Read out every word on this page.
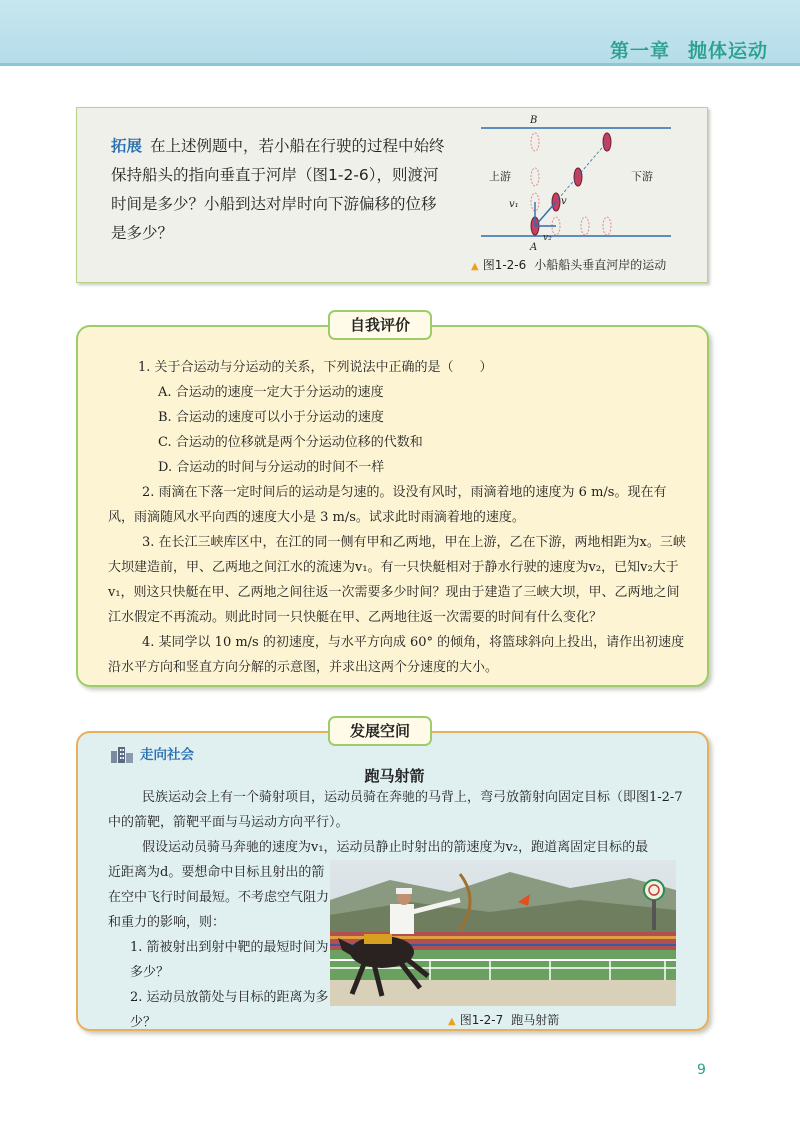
第一章 抛体运动
拓展 在上述例题中，若小船在行驶的过程中始终保持船头的指向垂直于河岸（图1-2-6），则渡河时间是多少？小船到达对岸时向下游偏移的位移是多少？
B
A
上游	下游
v₁	v
v₂
▲ 图1-2-6 小船船头垂直河岸的运动
自我评价

1. 关于合运动与分运动的关系，下列说法中正确的是（　　）

A. 合运动的速度一定大于分运动的速度

B. 合运动的速度可以小于分运动的速度

C. 合运动的位移就是两个分运动位移的代数和

D. 合运动的时间与分运动的时间不一样

2. 雨滴在下落一定时间后的运动是匀速的。设没有风时，雨滴着地的速度为 6 m/s。现在有风，雨滴随风水平向西的速度大小是 3 m/s。试求此时雨滴着地的速度。

3. 在长江三峡库区中，在江的同一侧有甲和乙两地，甲在上游，乙在下游，两地相距为x。三峡大坝建造前，甲、乙两地之间江水的流速为v₁。有一只快艇相对于静水行驶的速度为v₂，已知v₂大于v₁，则这只快艇在甲、乙两地之间往返一次需要多少时间？现由于建造了三峡大坝，甲、乙两地之间江水假定不再流动。则此时同一只快艇在甲、乙两地往返一次需要的时间有什么变化？

4. 某同学以 10 m/s 的初速度，与水平方向成 60° 的倾角，将篮球斜向上投出，请作出初速度沿水平方向和竖直方向分解的示意图，并求出这两个分速度的大小。

发展空间
走向社会
跑马射箭

民族运动会上有一个骑射项目，运动员骑在奔驰的马背上，弯弓放箭射向固定目标（即图1-2-7中的箭靶，箭靶平面与马运动方向平行）。

假设运动员骑马奔驰的速度为v₁，运动员静止时射出的箭速度为v₂，跑道离固定目标的最

近距离为d。要想命中目标且射出的箭在空中飞行时间最短。不考虑空气阻力和重力的影响，则：

1. 箭被射出到射中靶的最短时间为多少？

2. 运动员放箭处与目标的距离为多少？	▲ 图1-2-7 跑马射箭
9
